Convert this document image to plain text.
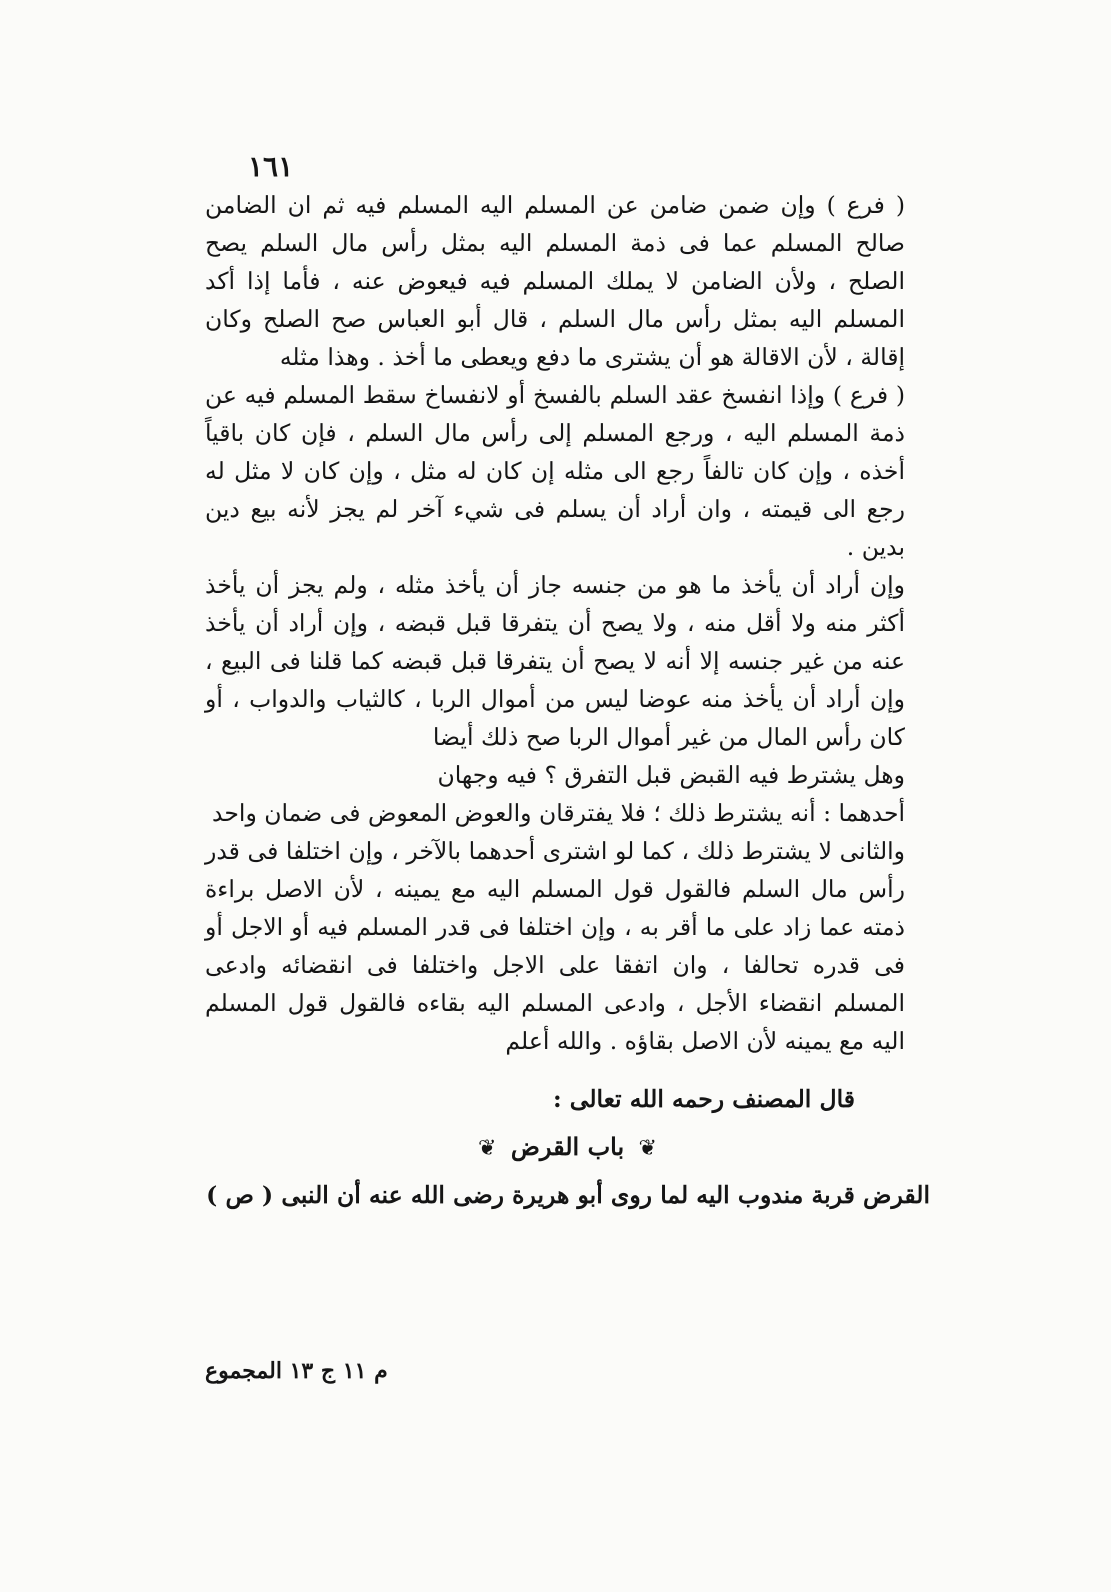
١٦١

( فرع ) وإن ضمن ضامن عن المسلم اليه المسلم فيه ثم ان الضامن صالح المسلم عما فى ذمة المسلم اليه بمثل رأس مال السلم يصح الصلح ، ولأن الضامن لا يملك المسلم فيه فيعوض عنه ، فأما إذا أكد المسلم اليه بمثل رأس مال السلم ، قال أبو العباس صح الصلح وكان إقالة ، لأن الاقالة هو أن يشترى ما دفع ويعطى ما أخذ . وهذا مثله

( فرع ) وإذا انفسخ عقد السلم بالفسخ أو لانفساخ سقط المسلم فيه عن ذمة المسلم اليه ، ورجع المسلم إلى رأس مال السلم ، فإن كان باقياً أخذه ، وإن كان تالفاً رجع الى مثله إن كان له مثل ، وإن كان لا مثل له رجع الى قيمته ، وان أراد أن يسلم فى شيء آخر لم يجز لأنه بيع دين بدين .

وإن أراد أن يأخذ ما هو من جنسه جاز أن يأخذ مثله ، ولم يجز أن يأخذ أكثر منه ولا أقل منه ، ولا يصح أن يتفرقا قبل قبضه ، وإن أراد أن يأخذ عنه من غير جنسه إلا أنه لا يصح أن يتفرقا قبل قبضه كما قلنا فى البيع ، وإن أراد أن يأخذ منه عوضا ليس من أموال الربا ، كالثياب والدواب ، أو كان رأس المال من غير أموال الربا صح ذلك أيضا

وهل يشترط فيه القبض قبل التفرق ؟ فيه وجهان

أحدهما : أنه يشترط ذلك ؛ فلا يفترقان والعوض المعوض فى ضمان واحد

والثانى لا يشترط ذلك ، كما لو اشترى أحدهما بالآخر ، وإن اختلفا فى قدر رأس مال السلم فالقول قول المسلم اليه مع يمينه ، لأن الاصل براءة ذمته عما زاد على ما أقر به ، وإن اختلفا فى قدر المسلم فيه أو الاجل أو فى قدره تحالفا ، وان اتفقا على الاجل واختلفا فى انقضائه وادعى المسلم انقضاء الأجل ، وادعى المسلم اليه بقاءه فالقول قول المسلم اليه مع يمينه لأن الاصل بقاؤه . والله أعلم

قال المصنف رحمه الله تعالى :

❦ باب القرض ❦

القرض قربة مندوب اليه لما روى أبو هريرة رضى الله عنه أن النبى ( ص )

م ١١ ج ١٣ المجموع
